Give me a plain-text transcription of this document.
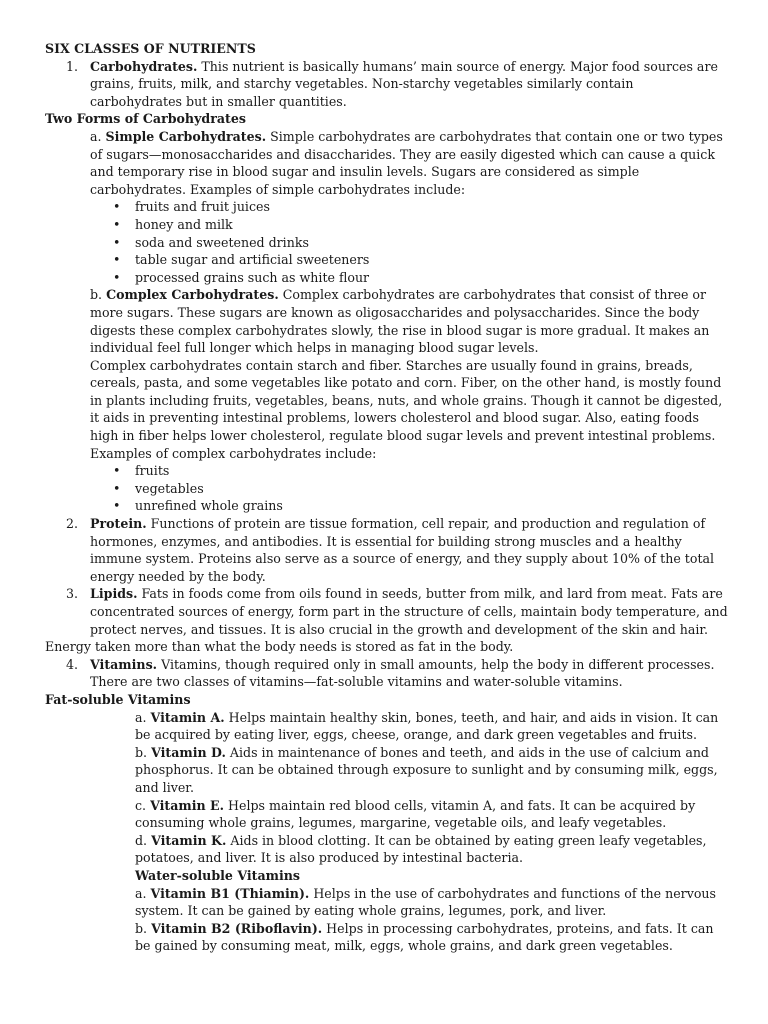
SIX CLASSES OF NUTRIENTS
1. Carbohydrates. This nutrient is basically humans’ main source of energy. Major food sources are grains, fruits, milk, and starchy vegetables. Non-starchy vegetables similarly contain carbohydrates but in smaller quantities.
Two Forms of Carbohydrates
a. Simple Carbohydrates. Simple carbohydrates are carbohydrates that contain one or two types of sugars—monosaccharides and disaccharides. They are easily digested which can cause a quick and temporary rise in blood sugar and insulin levels. Sugars are considered as simple carbohydrates. Examples of simple carbohydrates include:
• fruits and fruit juices
• honey and milk
• soda and sweetened drinks
• table sugar and artificial sweeteners
• processed grains such as white flour
b. Complex Carbohydrates. Complex carbohydrates are carbohydrates that consist of three or more sugars. These sugars are known as oligosaccharides and polysaccharides. Since the body digests these complex carbohydrates slowly, the rise in blood sugar is more gradual. It makes an individual feel full longer which helps in managing blood sugar levels.
Complex carbohydrates contain starch and fiber. Starches are usually found in grains, breads, cereals, pasta, and some vegetables like potato and corn. Fiber, on the other hand, is mostly found in plants including fruits, vegetables, beans, nuts, and whole grains. Though it cannot be digested, it aids in preventing intestinal problems, lowers cholesterol and blood sugar. Also, eating foods high in fiber helps lower cholesterol, regulate blood sugar levels and prevent intestinal problems. Examples of complex carbohydrates include:
• fruits
• vegetables
• unrefined whole grains
2. Protein. Functions of protein are tissue formation, cell repair, and production and regulation of hormones, enzymes, and antibodies. It is essential for building strong muscles and a healthy immune system. Proteins also serve as a source of energy, and they supply about 10% of the total energy needed by the body.
3. Lipids. Fats in foods come from oils found in seeds, butter from milk, and lard from meat. Fats are concentrated sources of energy, form part in the structure of cells, maintain body temperature, and protect nerves, and tissues. It is also crucial in the growth and development of the skin and hair.
Energy taken more than what the body needs is stored as fat in the body.
4. Vitamins. Vitamins, though required only in small amounts, help the body in different processes. There are two classes of vitamins—fat-soluble vitamins and water-soluble vitamins.
Fat-soluble Vitamins
a. Vitamin A. Helps maintain healthy skin, bones, teeth, and hair, and aids in vision. It can be acquired by eating liver, eggs, cheese, orange, and dark green vegetables and fruits.
b. Vitamin D. Aids in maintenance of bones and teeth, and aids in the use of calcium and phosphorus. It can be obtained through exposure to sunlight and by consuming milk, eggs, and liver.
c. Vitamin E. Helps maintain red blood cells, vitamin A, and fats. It can be acquired by consuming whole grains, legumes, margarine, vegetable oils, and leafy vegetables.
d. Vitamin K. Aids in blood clotting. It can be obtained by eating green leafy vegetables, potatoes, and liver. It is also produced by intestinal bacteria.
Water-soluble Vitamins
a. Vitamin B1 (Thiamin). Helps in the use of carbohydrates and functions of the nervous system. It can be gained by eating whole grains, legumes, pork, and liver.
b. Vitamin B2 (Riboflavin). Helps in processing carbohydrates, proteins, and fats. It can be gained by consuming meat, milk, eggs, whole grains, and dark green vegetables.
